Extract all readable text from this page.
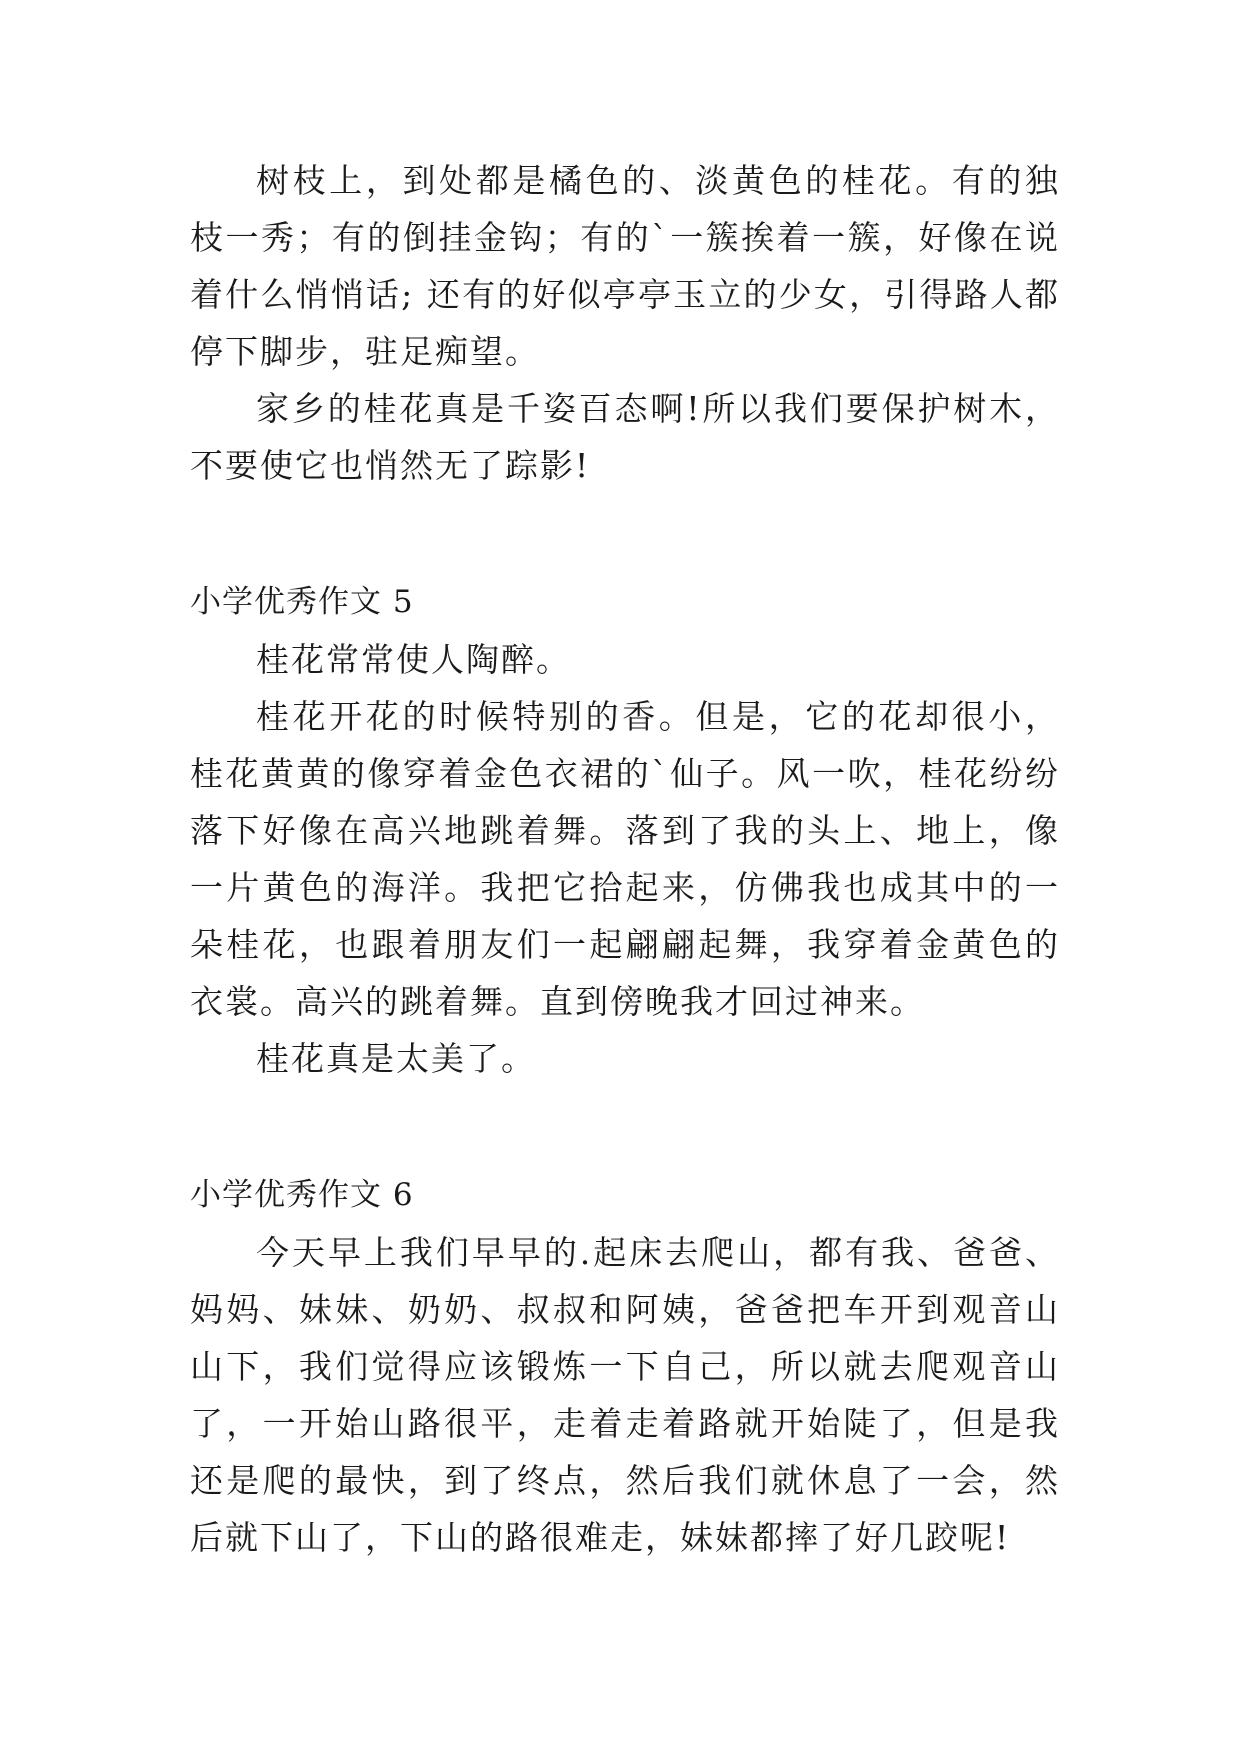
树枝上，到处都是橘色的、淡黄色的桂花。有的独枝一秀；有的倒挂金钩；有的`一簇挨着一簇，好像在说着什么悄悄话; 还有的好似亭亭玉立的少女，引得路人都停下脚步，驻足痴望。

家乡的桂花真是千姿百态啊!所以我们要保护树木，不要使它也悄然无了踪影!

小学优秀作文 5

桂花常常使人陶醉。

桂花开花的时候特别的香。但是，它的花却很小，桂花黄黄的像穿着金色衣裙的`仙子。风一吹，桂花纷纷落下好像在高兴地跳着舞。落到了我的头上、地上，像一片黄色的海洋。我把它拾起来，仿佛我也成其中的一朵桂花，也跟着朋友们一起翩翩起舞，我穿着金黄色的衣裳。高兴的跳着舞。直到傍晚我才回过神来。

桂花真是太美了。

小学优秀作文 6

今天早上我们早早的.起床去爬山，都有我、爸爸、妈妈、妹妹、奶奶、叔叔和阿姨，爸爸把车开到观音山山下，我们觉得应该锻炼一下自己，所以就去爬观音山了，一开始山路很平，走着走着路就开始陡了，但是我还是爬的最快，到了终点，然后我们就休息了一会，然后就下山了，下山的路很难走，妹妹都摔了好几跤呢!
